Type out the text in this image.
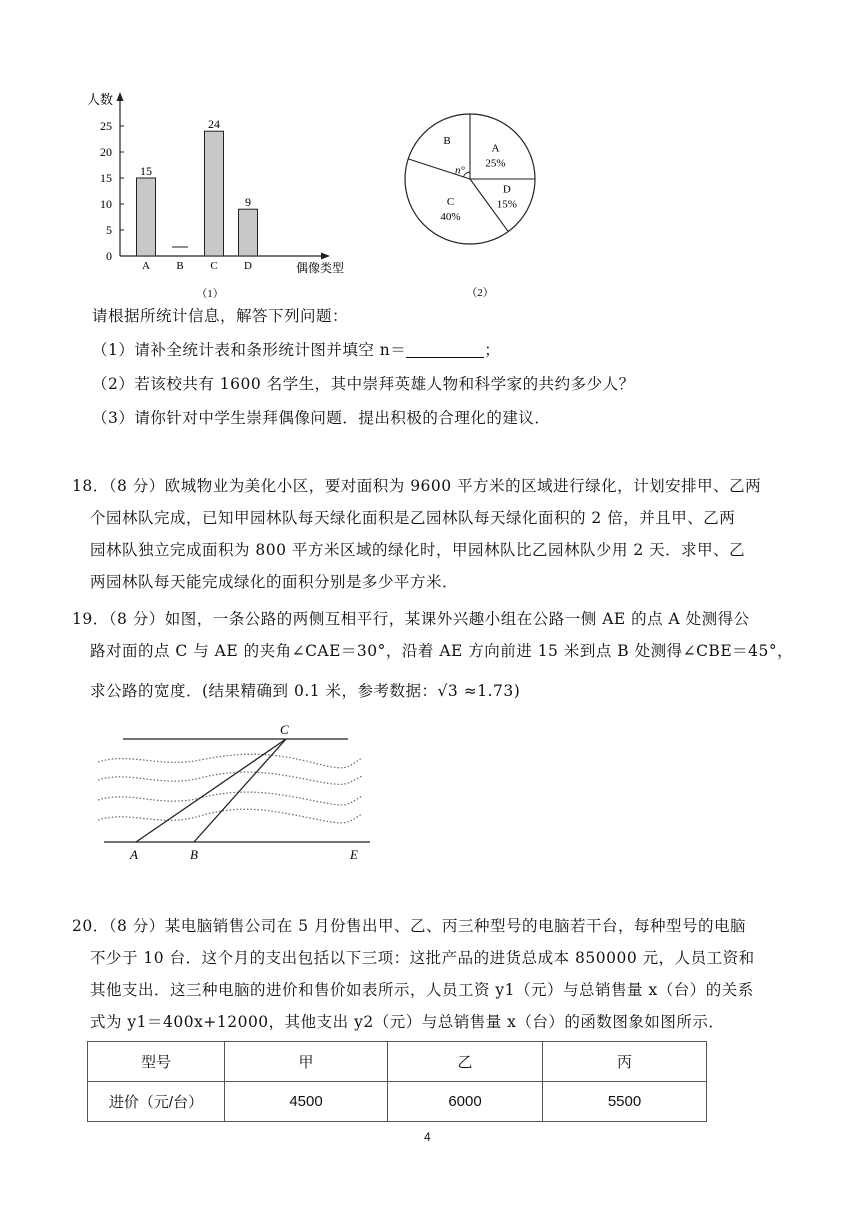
人数
偶像类型
0
5
10
15
20
25
15
A B
24
C
9
D
（1）
A
25%
D
15%
C
40%
B
n°
（2）
请根据所统计信息，解答下列问题：
（1）请补全统计表和条形统计图并填空 n＝	；
（2）若该校共有 1600 名学生，其中崇拜英雄人物和科学家的共约多少人？
（3）请你针对中学生崇拜偶像问题．提出积极的合理化的建议．
18．（8 分）欧城物业为美化小区，要对面积为 9600 平方米的区域进行绿化，计划安排甲、乙两
个园林队完成，已知甲园林队每天绿化面积是乙园林队每天绿化面积的 2 倍，并且甲、乙两
园林队独立完成面积为 800 平方米区域的绿化时，甲园林队比乙园林队少用 2 天．求甲、乙
两园林队每天能完成绿化的面积分别是多少平方米．
19．（8 分）如图，一条公路的两侧互相平行，某课外兴趣小组在公路一侧 AE 的点 A 处测得公
路对面的点 C 与 AE 的夹角∠CAE＝30°，沿着 AE 方向前进 15 米到点 B 处测得∠CBE＝45°，
求公路的宽度．(结果精确到 0.1 米，参考数据：√3 ≈1.73)
C
A	B	E
20．（8 分）某电脑销售公司在 5 月份售出甲、乙、丙三种型号的电脑若干台，每种型号的电脑
不少于 10 台．这个月的支出包括以下三项：这批产品的进货总成本 850000 元，人员工资和
其他支出．这三种电脑的进价和售价如表所示，人员工资 y1（元）与总销售量 x（台）的关系
式为 y1＝400x+12000，其他支出 y2（元）与总销售量 x（台）的函数图象如图所示．
型号	甲	乙	丙
进价（元/台）	4500	6000	5500
4
